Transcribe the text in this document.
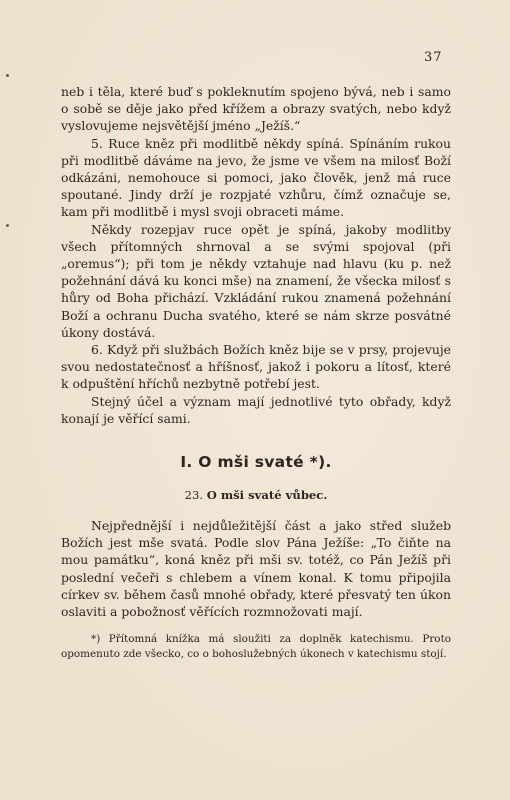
37

neb i těla, které buď s pokleknutím spojeno bývá, neb i samo o sobě se děje jako před křížem a obrazy svatých, nebo když vyslovujeme nejsvětější jméno „Ježíš.“

5. Ruce kněz při modlitbě někdy spíná. Spínáním rukou při modlitbě dáváme na jevo, že jsme ve všem na milosť Boží odkázáni, nemohouce si pomoci, jako člověk, jenž má ruce spoutané. Jindy drží je rozpjaté vzhůru, čímž označuje se, kam při modlitbě i mysl svoji obraceti máme.

Někdy rozepjav ruce opět je spíná, jakoby modlitby všech přítomných shrnoval a se svými spojoval (při „oremus“); při tom je někdy vztahuje nad hlavu (ku p. než požehnání dává ku konci mše) na znamení, že všecka milosť s hůry od Boha přichází. Vzkládání rukou znamená požehnání Boží a ochranu Ducha svatého, které se nám skrze posvátné úkony dostává.

6. Když při službách Božích kněz bije se v prsy, projevuje svou nedostatečnosť a hříšnosť, jakož i pokoru a lítosť, které k odpuštění hříchů nezbytně potřebí jest.

Stejný účel a význam mají jednotlivé tyto obřady, když konají je věřící sami.

I. O mši svaté *).
23. O mši svaté vůbec.

Nejpřednější i nejdůležitější část a jako střed služeb Božích jest mše svatá. Podle slov Pána Ježíše: „To čiňte na mou památku“, koná kněz při mši sv. totéž, co Pán Ježíš při poslední večeři s chlebem a vínem konal. K tomu připojila církev sv. během časů mnohé obřady, které přesvatý ten úkon oslaviti a pobožnosť věřících rozmnožovati mají.

*) Přítomná knížka má sloužiti za doplněk katechismu. Proto opomenuto zde všecko, co o bohoslužebných úkonech v katechismu stojí.
